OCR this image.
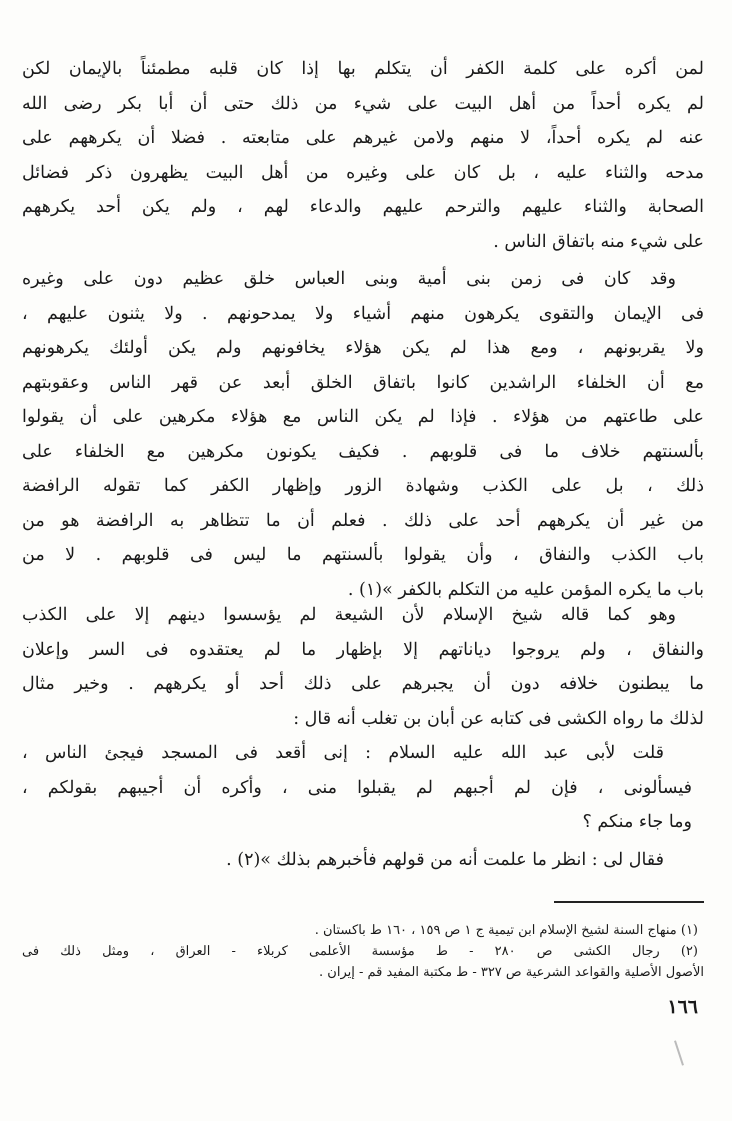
لمن أكره على كلمة الكفر أن يتكلم بها إذا كان قلبه مطمئناً بالإيمان لكن
لم يكره أحداً من أهل البيت على شيء من ذلك حتى أن أبا بكر رضى الله
عنه لم يكره أحداً، لا منهم ولامن غيرهم على متابعته . فضلا أن يكرههم على
مدحه والثناء عليه ، بل كان على وغيره من أهل البيت يظهرون ذكر فضائل
الصحابة والثناء عليهم والترحم عليهم والدعاء لهم ، ولم يكن أحد يكرههم
على شيء منه باتفاق الناس .
وقد كان فى زمن بنى أمية وبنى العباس خلق عظيم دون على وغيره
فى الإيمان والتقوى يكرهون منهم أشياء ولا يمدحونهم . ولا يثنون عليهم ،
ولا يقربونهم ، ومع هذا لم يكن هؤلاء يخافونهم ولم يكن أولئك يكرهونهم
مع أن الخلفاء الراشدين كانوا باتفاق الخلق أبعد عن قهر الناس وعقوبتهم
على طاعتهم من هؤلاء . فإذا لم يكن الناس مع هؤلاء مكرهين على أن يقولوا
بألسنتهم خلاف ما فى قلوبهم . فكيف يكونون مكرهين مع الخلفاء على
ذلك ، بل على الكذب وشهادة الزور وإظهار الكفر كما تقوله الرافضة
من غير أن يكرههم أحد على ذلك . فعلم أن ما تتظاهر به الرافضة هو من
باب الكذب والنفاق ، وأن يقولوا بألسنتهم ما ليس فى قلوبهم . لا من
باب ما يكره المؤمن عليه من التكلم بالكفر »(١) .
وهو كما قاله شيخ الإسلام لأن الشيعة لم يؤسسوا دينهم إلا على الكذب
والنفاق ، ولم يروجوا دياناتهم إلا بإظهار ما لم يعتقدوه فى السر وإعلان
ما يبطنون خلافه دون أن يجبرهم على ذلك أحد أو يكرههم . وخير مثال
لذلك ما رواه الكشى فى كتابه عن أبان بن تغلب أنه قال :
قلت لأبى عبد الله عليه السلام : إنى أقعد فى المسجد فيجئ الناس ،
فيسألونى ، فإن لم أجبهم لم يقبلوا منى ، وأكره أن أجيبهم بقولكم ،
وما جاء منكم ؟
فقال لى : انظر ما علمت أنه من قولهم فأخبرهم بذلك »(٢) .
(١) منهاج السنة لشيخ الإسلام ابن تيمية ج ١ ص ١٥٩ ، ١٦٠ ط باكستان .
(٢) رجال الكشى ص ٢٨٠ - ط مؤسسة الأعلمى كربلاء - العراق ، ومثل ذلك فى
الأصول الأصلية والقواعد الشرعية ص ٣٢٧ - ط مكتبة المفيد قم - إيران .
١٦٦
